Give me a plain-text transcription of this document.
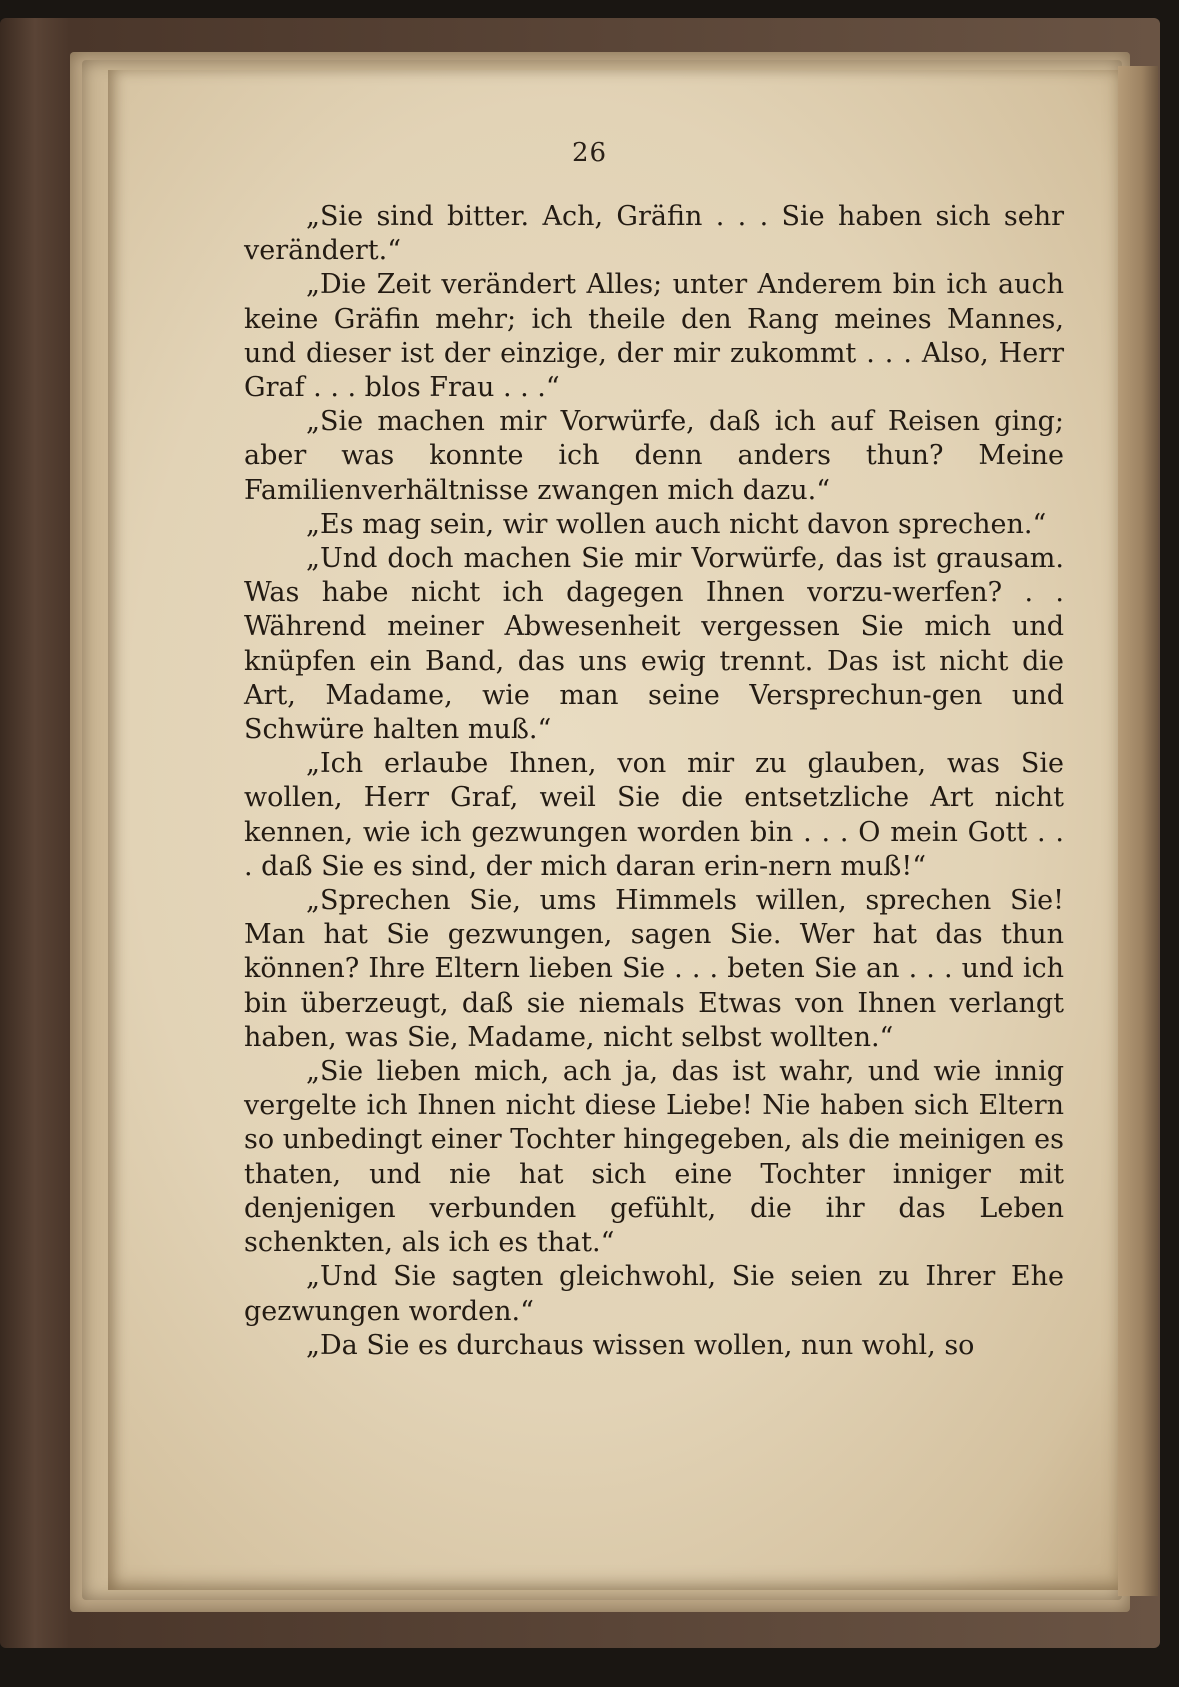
26

„Sie sind bitter. Ach, Gräfin . . . Sie haben sich sehr verändert.“

„Die Zeit verändert Alles; unter Anderem bin ich auch keine Gräfin mehr; ich theile den Rang meines Mannes, und dieser ist der einzige, der mir zukommt . . . Also, Herr Graf . . . blos Frau . . .“

„Sie machen mir Vorwürfe, daß ich auf Reisen ging; aber was konnte ich denn anders thun? Meine Familienverhältnisse zwangen mich dazu.“

„Es mag sein, wir wollen auch nicht davon sprechen.“

„Und doch machen Sie mir Vorwürfe, das ist grausam. Was habe nicht ich dagegen Ihnen vorzu-werfen? . . Während meiner Abwesenheit vergessen Sie mich und knüpfen ein Band, das uns ewig trennt. Das ist nicht die Art, Madame, wie man seine Versprechun-gen und Schwüre halten muß.“

„Ich erlaube Ihnen, von mir zu glauben, was Sie wollen, Herr Graf, weil Sie die entsetzliche Art nicht kennen, wie ich gezwungen worden bin . . . O mein Gott . . . daß Sie es sind, der mich daran erin-nern muß!“

„Sprechen Sie, ums Himmels willen, sprechen Sie! Man hat Sie gezwungen, sagen Sie. Wer hat das thun können? Ihre Eltern lieben Sie . . . beten Sie an . . . und ich bin überzeugt, daß sie niemals Etwas von Ihnen verlangt haben, was Sie, Madame, nicht selbst wollten.“

„Sie lieben mich, ach ja, das ist wahr, und wie innig vergelte ich Ihnen nicht diese Liebe! Nie haben sich Eltern so unbedingt einer Tochter hingegeben, als die meinigen es thaten, und nie hat sich eine Tochter inniger mit denjenigen verbunden gefühlt, die ihr das Leben schenkten, als ich es that.“

„Und Sie sagten gleichwohl, Sie seien zu Ihrer Ehe gezwungen worden.“

„Da Sie es durchaus wissen wollen, nun wohl, so
